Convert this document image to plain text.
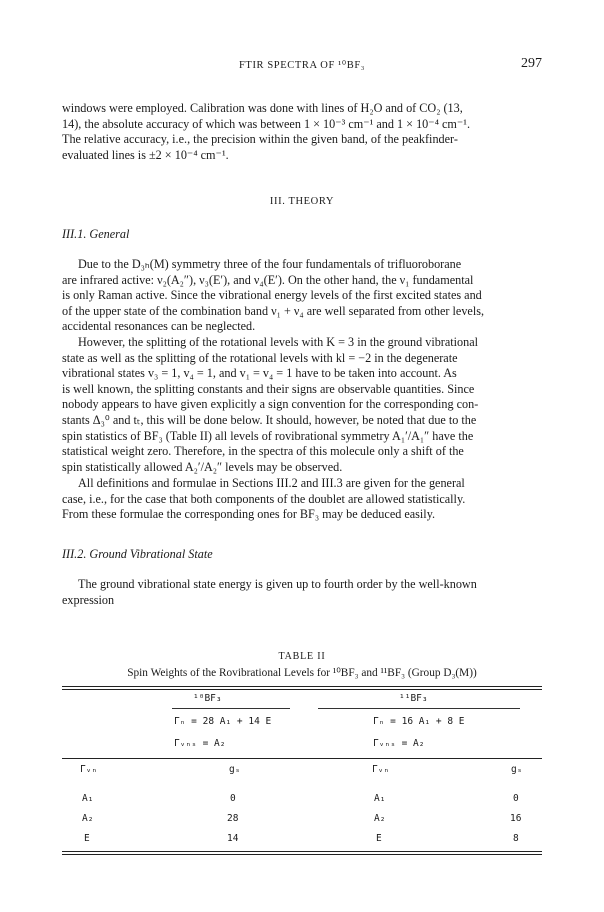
FTIR SPECTRA OF ¹⁰BF₃	297

windows were employed. Calibration was done with lines of H₂O and of CO₂ (13,

14), the absolute accuracy of which was between 1 × 10⁻³ cm⁻¹ and 1 × 10⁻⁴ cm⁻¹.

The relative accuracy, i.e., the precision within the given band, of the peakfinder-

evaluated lines is ±2 × 10⁻⁴ cm⁻¹.

III. THEORY
III.1. General

Due to the D₃ₕ(M) symmetry three of the four fundamentals of trifluoroborane

are infrared active: ν₂(A₂″), ν₃(E′), and ν₄(E′). On the other hand, the ν₁ fundamental

is only Raman active. Since the vibrational energy levels of the first excited states and

of the upper state of the combination band ν₁ + ν₄ are well separated from other levels,

accidental resonances can be neglected.

However, the splitting of the rotational levels with K = 3 in the ground vibrational

state as well as the splitting of the rotational levels with kl = −2 in the degenerate

vibrational states v₃ = 1, v₄ = 1, and v₁ = v₄ = 1 have to be taken into account. As

is well known, the splitting constants and their signs are observable quantities. Since

nobody appears to have given explicitly a sign convention for the corresponding con-

stants Δ₃⁰ and tₜ, this will be done below. It should, however, be noted that due to the

spin statistics of BF₃ (Table II) all levels of rovibrational symmetry A₁′/A₁″ have the

statistical weight zero. Therefore, in the spectra of this molecule only a shift of the

spin statistically allowed A₂′/A₂″ levels may be observed.

All definitions and formulae in Sections III.2 and III.3 are given for the general

case, i.e., for the case that both components of the doublet are allowed statistically.

From these formulae the corresponding ones for BF₃ may be deduced easily.

III.2. Ground Vibrational State

The ground vibrational state energy is given up to fourth order by the well-known

expression

TABLE II
Spin Weights of the Rovibrational Levels for ¹⁰BF₃ and ¹¹BF₃ (Group D₃(M))
¹⁰BF₃	¹¹BF₃
Γₙ = 28 A₁ + 14 E	Γₙ = 16 A₁ + 8 E
Γᵥₙₛ = A₂	Γᵥₙₛ = A₂
Γᵥₙ	gₛ	Γᵥₙ	gₛ
A₁	0	A₁	0
A₂	28	A₂	16
E	14	E	8
